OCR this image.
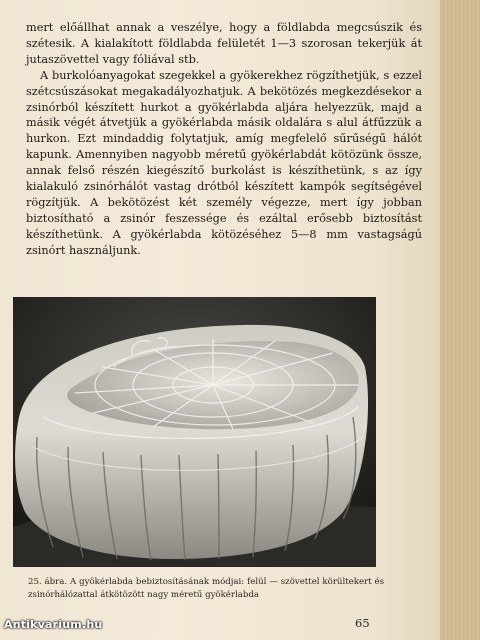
mert előállhat annak a veszélye, hogy a földlabda megcsúszik és szétesik. A kialakított földlabda felületét 1—3 szorosan tekerjük át jutaszövettel vagy fóliával stb.

A burkolóanyagokat szegekkel a gyökerekhez rögzíthetjük, s ezzel szétcsúszásokat megakadályozhatjuk. A bekötözés megkezdésekor a zsinórból készített hurkot a gyökérlabda aljára helyezzük, majd a másik végét átvetjük a gyökérlabda másik oldalára s alul átfűzzük a hurkon. Ezt mindaddig folytatjuk, amíg megfelelő sűrűségű hálót kapunk. Amennyiben nagyobb méretű gyökérlabdát kötözünk össze, annak felső részén kiegészítő burkolást is készíthetünk, s az így kialakuló zsinórhálót vastag drótból készített kampók segítségével rögzítjük. A bekötözést két személy végezze, mert így jobban biztosítható a zsinór feszessége és ezáltal erősebb biztosítást készíthetünk. A gyökérlabda kötözéséhez 5—8 mm vastagságú zsinórt használjunk.

25. ábra. A gyökérlabda bebiztosításának módjai: felül — szövettel körültekert és zsinórhálózattal átkötözött nagy méretű gyökérlabda
65
Antikvarium.hu
